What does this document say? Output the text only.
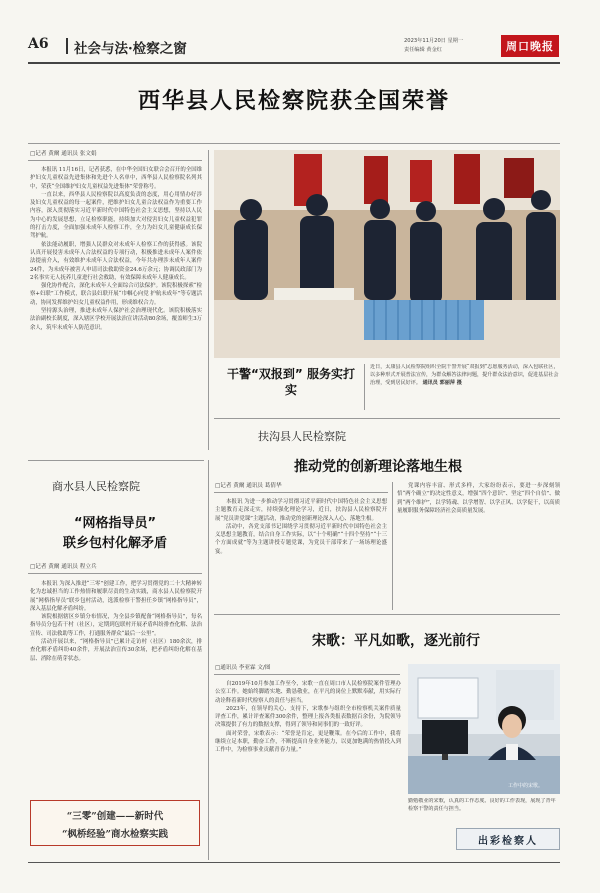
A6 社会与法·检察之窗	2023年11月20日 星期一
责任编辑 黄金红	周口晚报
西华县人民检察院获全国荣誉
□记者 黄爾 通讯员 张文娟

本报讯 11月16日，记者获悉，在中华全国妇女联合会召开的全国维护妇女儿童权益先进集体和先进个人名单中，西华县人民检察院名列其中，荣获“全国维护妇女儿童权益先进集体”荣誉称号。

一直以来，西华县人民检察院以高度负责的态度，用心用情办好涉及妇女儿童权益的每一起案件，把维护妇女儿童合法权益作为重要工作内容，深入贯彻落实习近平新时代中国特色社会主义思想，坚持以人民为中心的发展思想，立足检察职能，持续加大对侵害妇女儿童权益犯罪的打击力度，全面加强未成年人检察工作，全力为妇女儿童健康成长保驾护航。

依法能动履职，增强人民群众对未成年人检察工作的获得感。该院认真开展侵害未成年人合法权益的专项行动，积极推进未成年人案件依法提前介入，有效维护未成年人合法权益，今年共办理涉未成年人案件24件，为未成年被害人申请司法救助资金24.6万余元；协调民政部门为2名事实无人抚养儿童进行社会救助，有效保障未成年人健康成长。

强化协作配合，深化未成年人全面综合司法保护。该院积极探索“检察+妇联”工作模式，联合县妇联开展“巾帼心向党 护航未成年”等专题活动，协同发挥维护妇女儿童权益作用，形成维权合力。

坚持源头治理，推进未成年人保护社会治理现代化。该院积极落实法治副校长制度，深入辖区学校开展法治宣讲活动80余场，覆盖师生3万余人，筑牢未成年人防范意识。

干警“双报到” 服务实打实
近日，太康县人民检察院组织全院干警开展“双报到”志愿服务活动，深入包联社区，以多种形式开展普法宣传，为群众解答法律问题，提升群众法治意识，促进基层社会治理，受到居民好评。 通讯员 郭丽萍 摄
扶沟县人民检察院
推动党的创新理论落地生根
□记者 黄爾 通讯员 葛倩华

本报讯 为进一步推动学习贯彻习近平新时代中国特色社会主义思想主题教育走深走实，持续强化理论学习，近日，扶沟县人民检察院开展“党员讲党课”主题活动，推动党的创新理论深入人心、落地生根。

活动中，各党支部书记围绕学习贯彻习近平新时代中国特色社会主义思想主题教育，结合自身工作实际，以“十个明确”“十四个坚持”“十三个方面成就”等为主题讲授专题党课，为党员干部带来了一场场理论盛宴。

党课内容丰富、形式多样，大家纷纷表示，要进一步深刻领悟“两个确立”的决定性意义，增强“四个意识”、坚定“四个自信”、做到“两个维护”，以学铸魂、以学增智、以学正风、以学促干，以高质量履职服务保障经济社会高质量发展。

商水县人民检察院
“网格指导员”
联乡包村化解矛盾
□记者 黄爾 通讯员 程立兵

本报讯 为深入推进“三零”创建工作，把学习贯彻党的二十大精神转化为忠诚担当的工作热情和履职尽责的生动实践，商水县人民检察院开展“网格指导员”联乡包村活动，选派检察干警担任乡镇“网格指导员”，深入基层化解矛盾纠纷。

该院根据辖区乡镇分布情况，为全县乡镇配备“网格指导员”，每名指导员分包若干村（社区），定期到包联村开展矛盾纠纷排查化解、法治宣传、司法救助等工作，打通服务群众“最后一公里”。

活动开展以来，“网格指导员”已累计走访村（社区）180余次，排查化解矛盾纠纷40余件，开展法治宣传30余场，把矛盾纠纷化解在基层、消除在萌芽状态。

“三零”创建——新时代
“枫桥经验”商水检察实践
宋歌：平凡如歌，逐光前行
□通讯员 李亚霖 文/图

自2019年10月参加工作至今，宋歌一直在周口市人民检察院案件管理办公室工作。她始终脚踏实地、勤恳敬业，在平凡的岗位上默默奉献，用实际行动诠释着新时代检察人的责任与担当。

2023年，在领导的关心、支持下，宋歌参与组织全市检察机关案件质量评查工作，累计评查案件300余件，整理上报各类报表数据百余份，为院领导决策提供了有力的数据支撑，得到了领导和同事们的一致好评。

面对荣誉，宋歌表示：“荣誉是肯定，更是鞭策。在今后的工作中，我将继续立足本职，勤奋工作，不断提高自身业务能力，以更加饱满的热情投入到工作中，为检察事业贡献青春力量。”

工作中的宋歌。
勤勉敬业的宋歌，认真的工作态度、良好的工作表现，展现了青年检察干警的责任与担当。
出彩检察人
